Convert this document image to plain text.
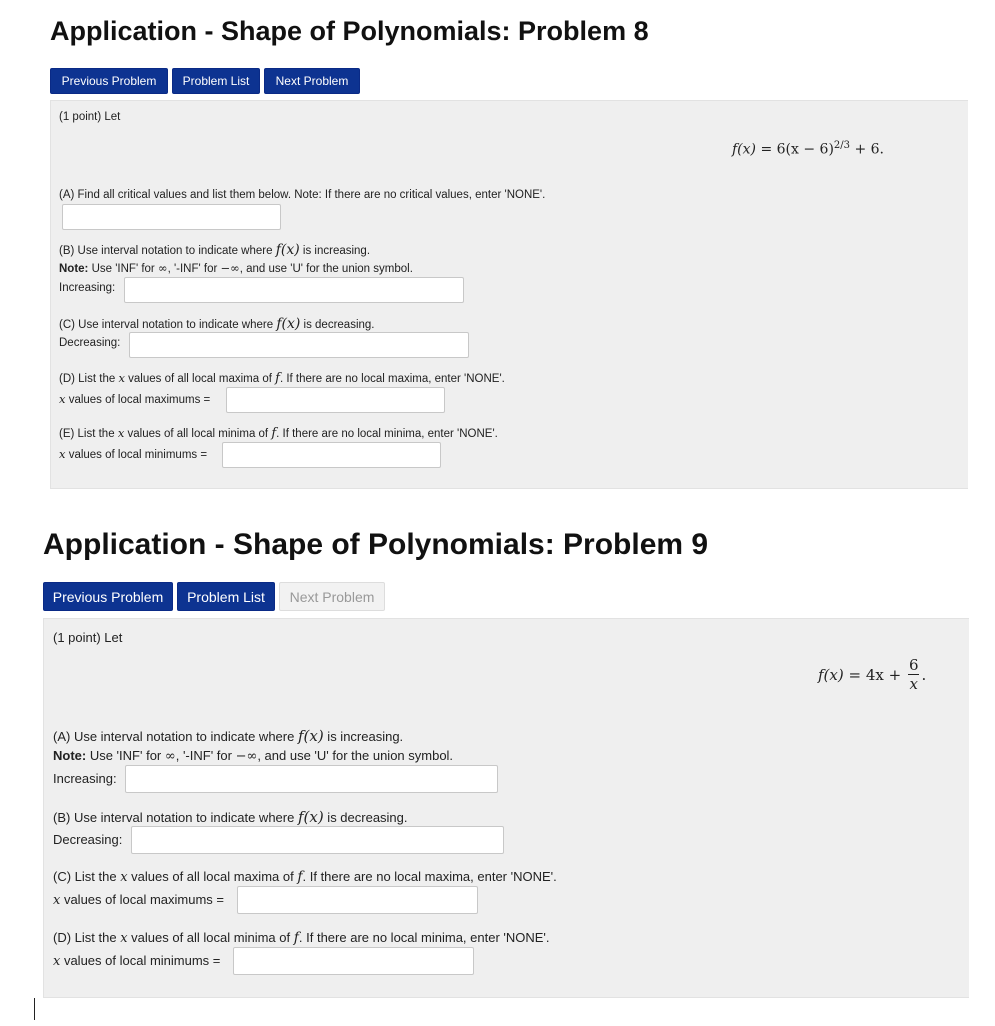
Application - Shape of Polynomials: Problem 8
Previous Problem	Problem List	Next Problem
(1 point) Let
$f(x) = 6(x - 6)^{2/3} + 6$.
(A) Find all critical values and list them below. Note: If there are no critical values, enter 'NONE'.
(B) Use interval notation to indicate where f(x) is increasing.
Note: Use 'INF' for ∞, '-INF' for −∞, and use 'U' for the union symbol.
Increasing:
(C) Use interval notation to indicate where f(x) is decreasing.
Decreasing:
(D) List the x values of all local maxima of f. If there are no local maxima, enter 'NONE'.
x values of local maximums =
(E) List the x values of all local minima of f. If there are no local minima, enter 'NONE'.
x values of local minimums =
Application - Shape of Polynomials: Problem 9
Previous Problem	Problem List	Next Problem
(1 point) Let
$f(x) = 4x + \frac{6}{x}$ .
(A) Use interval notation to indicate where f(x) is increasing.
Note: Use 'INF' for ∞, '-INF' for −∞, and use 'U' for the union symbol.
Increasing:
(B) Use interval notation to indicate where f(x) is decreasing.
Decreasing:
(C) List the x values of all local maxima of f. If there are no local maxima, enter 'NONE'.
x values of local maximums =
(D) List the x values of all local minima of f. If there are no local minima, enter 'NONE'.
x values of local minimums =
